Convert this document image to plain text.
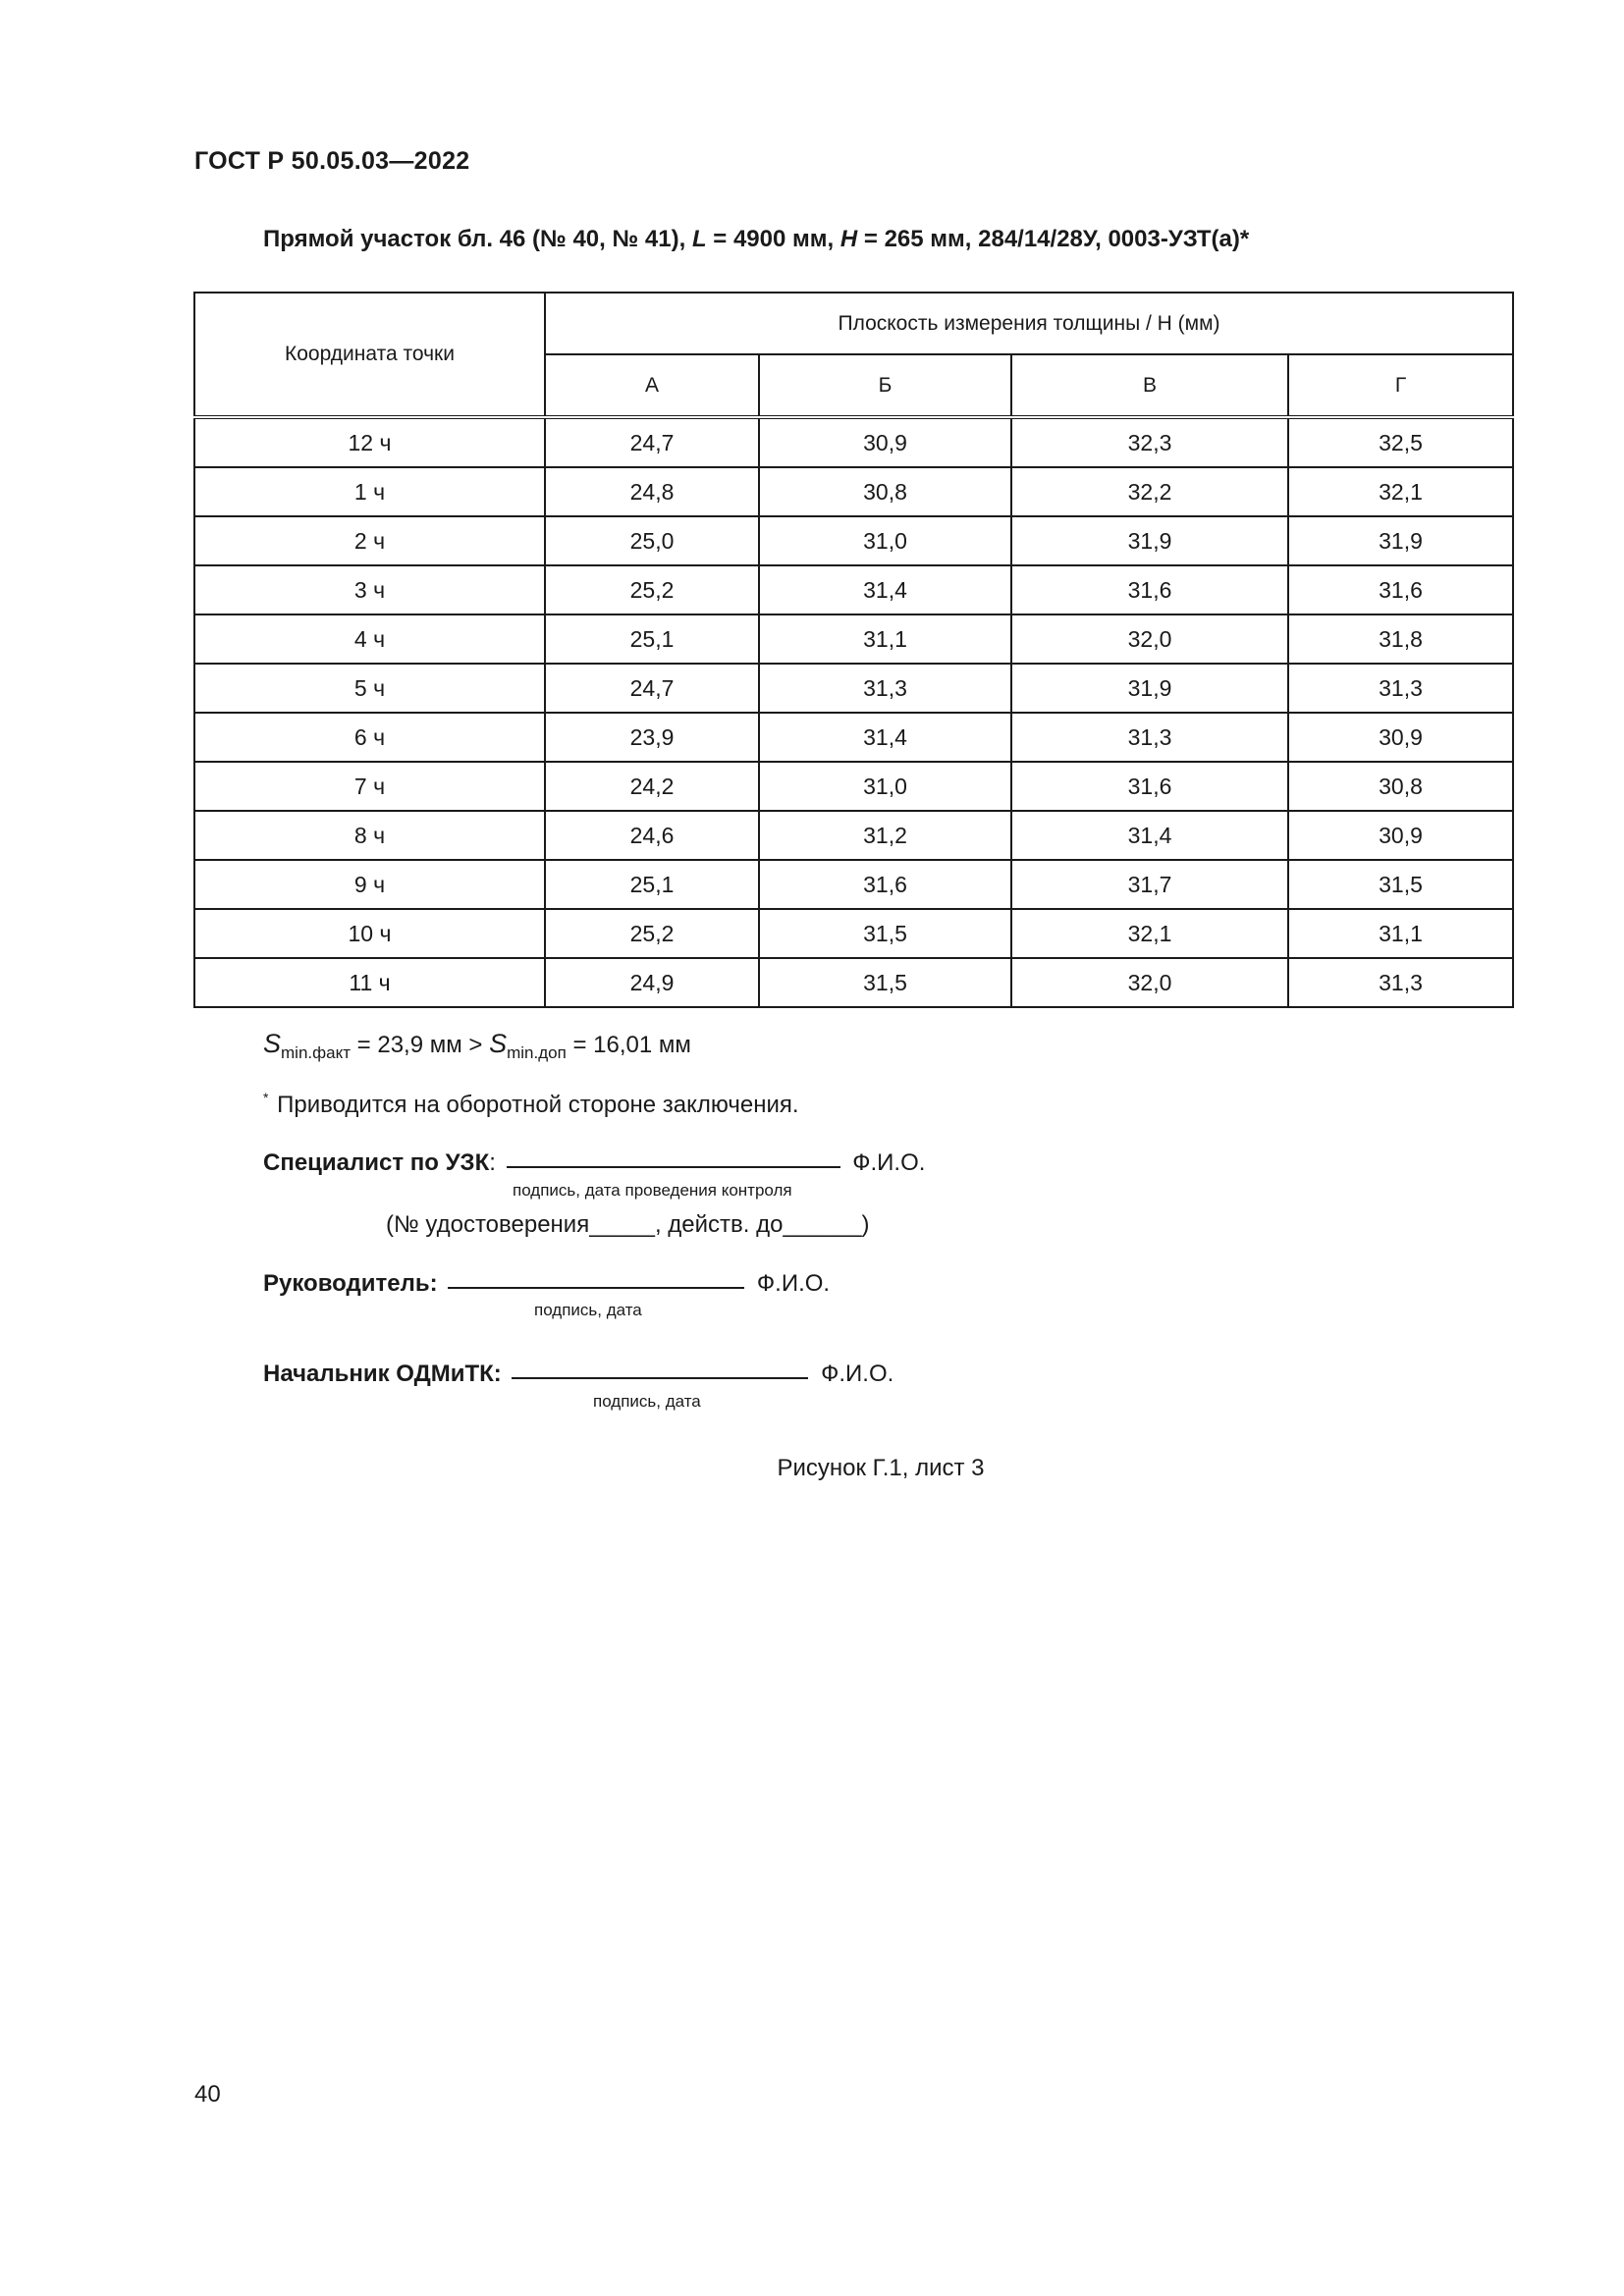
ГОСТ Р 50.05.03—2022
Прямой участок бл. 46 (№ 40, № 41), L = 4900 мм, H = 265 мм, 284/14/28У, 0003-УЗТ(а)*
Координата точки	Плоскость измерения толщины / Н (мм)			
	А	Б	В	Г
12 ч	24,7	30,9	32,3	32,5
1 ч	24,8	30,8	32,2	32,1
2 ч	25,0	31,0	31,9	31,9
3 ч	25,2	31,4	31,6	31,6
4 ч	25,1	31,1	32,0	31,8
5 ч	24,7	31,3	31,9	31,3
6 ч	23,9	31,4	31,3	30,9
7 ч	24,2	31,0	31,6	30,8
8 ч	24,6	31,2	31,4	30,9
9 ч	25,1	31,6	31,7	31,5
10 ч	25,2	31,5	32,1	31,1
11 ч	24,9	31,5	32,0	31,3
$S_{min.факт} = 23,9$ мм > $S_{min.доп} = 16,01$ мм
* Приводится на оборотной стороне заключения.
Специалист по УЗК:	Ф.И.О.
подпись, дата проведения контроля
(№ удостоверения_____, действ. до______)
Руководитель:	Ф.И.О.
подпись, дата
Начальник ОДМиТК:	Ф.И.О.
подпись, дата
Рисунок Г.1, лист 3
40
